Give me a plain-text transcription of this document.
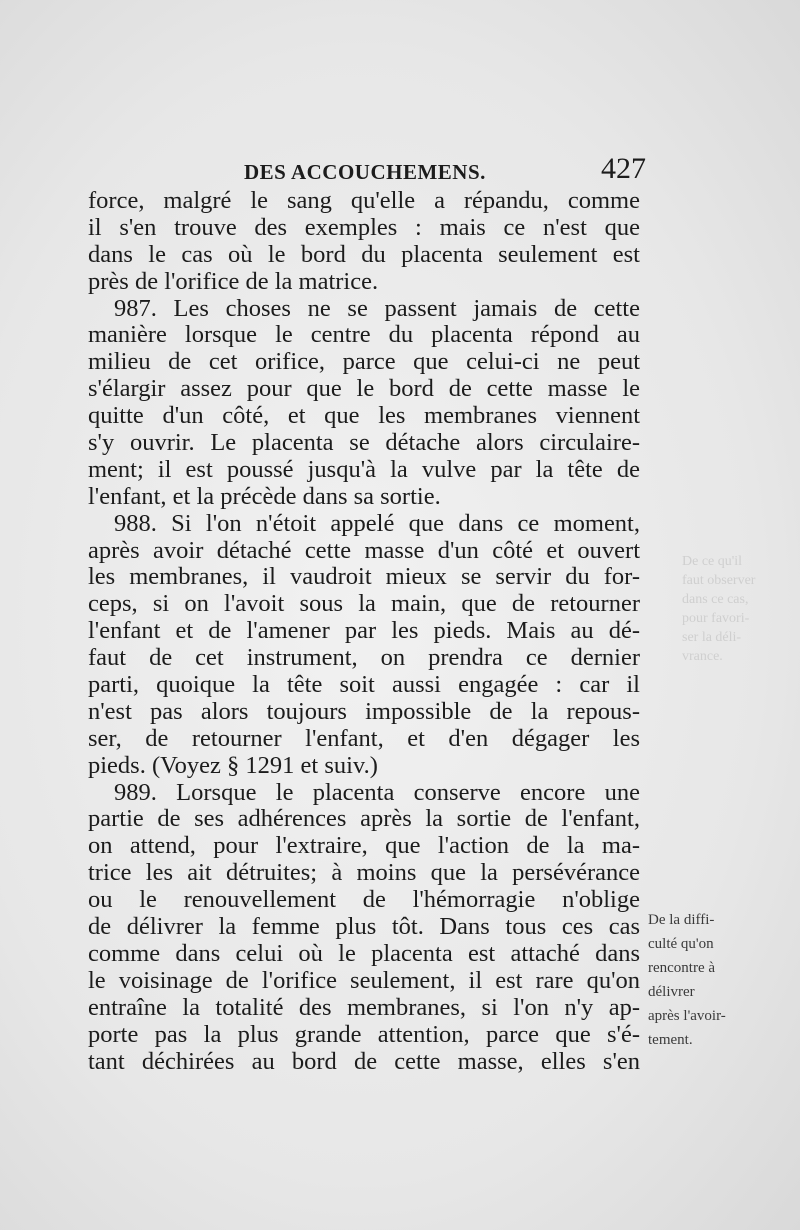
DES ACCOUCHEMENS.	427
force, malgré le sang qu'elle a répandu, comme
il s'en trouve des exemples : mais ce n'est que
dans le cas où le bord du placenta seulement est
près de l'orifice de la matrice.
987. Les choses ne se passent jamais de cette
manière lorsque le centre du placenta répond au
milieu de cet orifice, parce que celui-ci ne peut
s'élargir assez pour que le bord de cette masse le
quitte d'un côté, et que les membranes viennent
s'y ouvrir. Le placenta se détache alors circulaire-
ment; il est poussé jusqu'à la vulve par la tête de
l'enfant, et la précède dans sa sortie.
988. Si l'on n'étoit appelé que dans ce moment,
après avoir détaché cette masse d'un côté et ouvert
les membranes, il vaudroit mieux se servir du for-
ceps, si on l'avoit sous la main, que de retourner
l'enfant et de l'amener par les pieds. Mais au dé-
faut de cet instrument, on prendra ce dernier
parti, quoique la tête soit aussi engagée : car il
n'est pas alors toujours impossible de la repous-
ser, de retourner l'enfant, et d'en dégager les
pieds. (Voyez § 1291 et suiv.)
989. Lorsque le placenta conserve encore une
partie de ses adhérences après la sortie de l'enfant,
on attend, pour l'extraire, que l'action de la ma-
trice les ait détruites; à moins que la persévérance
ou le renouvellement de l'hémorragie n'oblige
de délivrer la femme plus tôt. Dans tous ces cas
comme dans celui où le placenta est attaché dans
le voisinage de l'orifice seulement, il est rare qu'on
entraîne la totalité des membranes, si l'on n'y ap-
porte pas la plus grande attention, parce que s'é-
tant déchirées au bord de cette masse, elles s'en
De la diffi-
culté qu'on
rencontre à
délivrer
après l'avoir-
tement.
De ce qu'il
faut observer
dans ce cas,
pour favori-
ser la déli-
vrance.
